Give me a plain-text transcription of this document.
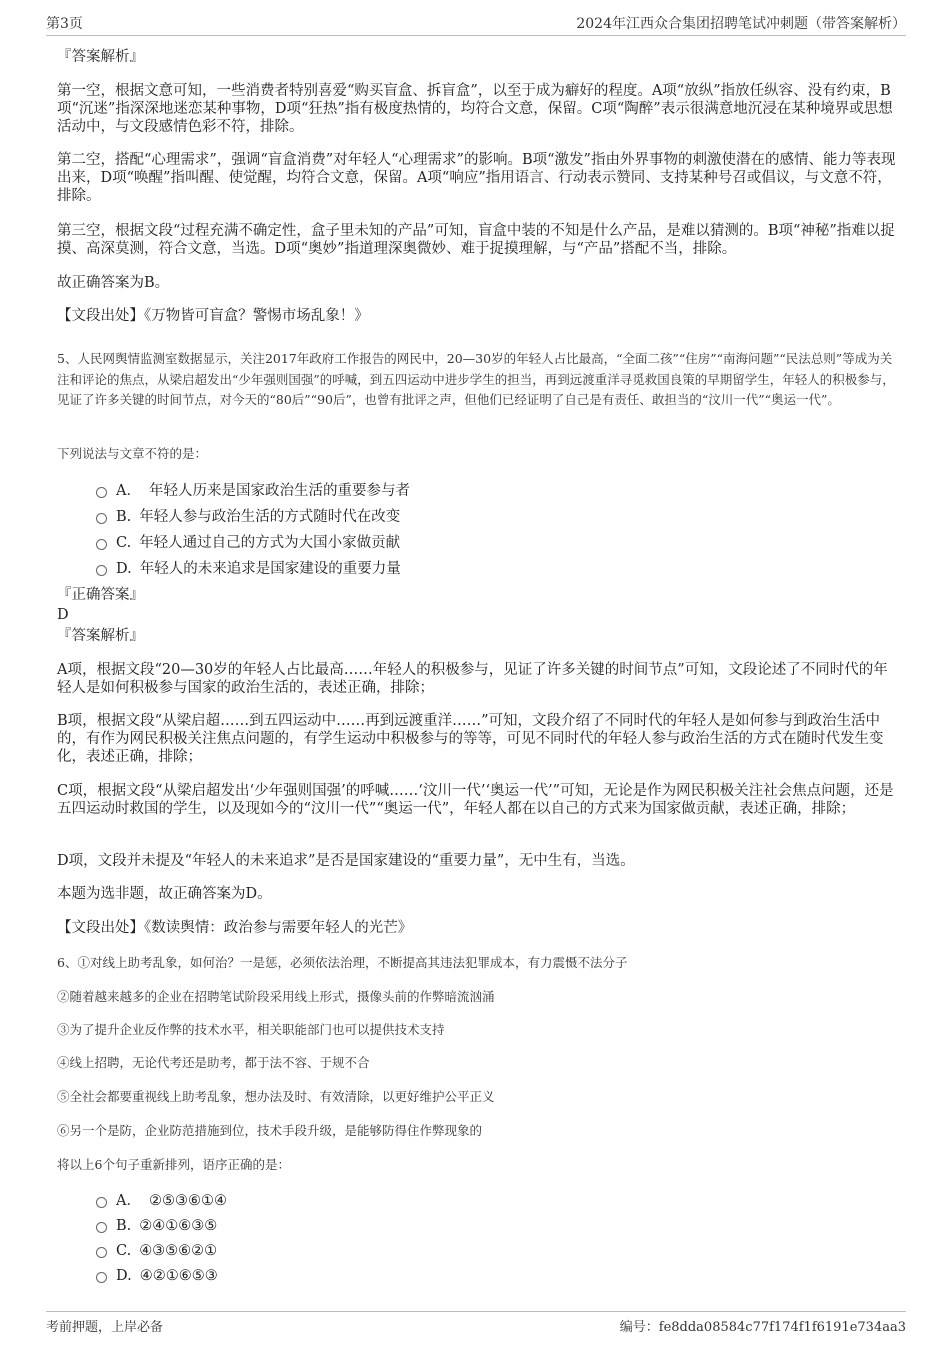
第3页	2024年江西众合集团招聘笔试冲刺题（带答案解析）
『答案解析』
第一空，根据文意可知，一些消费者特别喜爱“购买盲盒、拆盲盒”，以至于成为癖好的程度。A项“放纵”指放任纵容、没有约束，B项“沉迷”指深深地迷恋某种事物，D项“狂热”指有极度热情的，均符合文意，保留。C项“陶醉”表示很满意地沉浸在某种境界或思想活动中，与文段感情色彩不符，排除。
第二空，搭配“心理需求”，强调“盲盒消费”对年轻人“心理需求”的影响。B项“激发”指由外界事物的刺激使潜在的感情、能力等表现出来，D项“唤醒”指叫醒、使觉醒，均符合文意，保留。A项“响应”指用语言、行动表示赞同、支持某种号召或倡议，与文意不符，排除。
第三空，根据文段“过程充满不确定性，盒子里未知的产品”可知，盲盒中装的不知是什么产品，是难以猜测的。B项“神秘”指难以捉摸、高深莫测，符合文意，当选。D项“奥妙”指道理深奥微妙、难于捉摸理解，与“产品”搭配不当，排除。
故正确答案为B。
【文段出处】《万物皆可盲盒？警惕市场乱象！》
5、人民网舆情监测室数据显示，关注2017年政府工作报告的网民中，20—30岁的年轻人占比最高，“全面二孩”“住房”“南海问题”“民法总则”等成为关注和评论的焦点，从梁启超发出“少年强则国强”的呼喊，到五四运动中进步学生的担当，再到远渡重洋寻觅救国良策的早期留学生，年轻人的积极参与，见证了许多关键的时间节点，对今天的“80后”“90后”，也曾有批评之声，但他们已经证明了自己是有责任、敢担当的“汶川一代”“奥运一代”。
下列说法与文章不符的是：
A． 年轻人历来是国家政治生活的重要参与者
B. 年轻人参与政治生活的方式随时代在改变
C. 年轻人通过自己的方式为大国小家做贡献
D. 年轻人的未来追求是国家建设的重要力量
『正确答案』
D
『答案解析』
A项，根据文段“20—30岁的年轻人占比最高……年轻人的积极参与，见证了许多关键的时间节点”可知，文段论述了不同时代的年轻人是如何积极参与国家的政治生活的，表述正确，排除；
B项，根据文段“从梁启超……到五四运动中……再到远渡重洋……”可知，文段介绍了不同时代的年轻人是如何参与到政治生活中的，有作为网民积极关注焦点问题的，有学生运动中积极参与的等等，可见不同时代的年轻人参与政治生活的方式在随时代发生变化，表述正确，排除；
C项，根据文段“从梁启超发出‘少年强则国强’的呼喊……‘汶川一代’‘奥运一代’”可知，无论是作为网民积极关注社会焦点问题，还是五四运动时救国的学生，以及现如今的“汶川一代”“奥运一代”，年轻人都在以自己的方式来为国家做贡献，表述正确，排除；
D项，文段并未提及“年轻人的未来追求”是否是国家建设的“重要力量”，无中生有，当选。
本题为选非题，故正确答案为D。
【文段出处】《数读舆情：政治参与需要年轻人的光芒》
6、①对线上助考乱象，如何治？一是惩，必须依法治理，不断提高其违法犯罪成本，有力震慑不法分子
②随着越来越多的企业在招聘笔试阶段采用线上形式，摄像头前的作弊暗流汹涌
③为了提升企业反作弊的技术水平，相关职能部门也可以提供技术支持
④线上招聘，无论代考还是助考，都于法不容、于规不合
⑤全社会都要重视线上助考乱象，想办法及时、有效清除，以更好维护公平正义
⑥另一个是防，企业防范措施到位，技术手段升级，是能够防得住作弊现象的
将以上6个句子重新排列，语序正确的是：
A． ②⑤③⑥①④
B. ②④①⑥③⑤
C. ④③⑤⑥②①
D. ④②①⑥⑤③
考前押题，上岸必备	编号：fe8dda08584c77f174f1f6191e734aa3
